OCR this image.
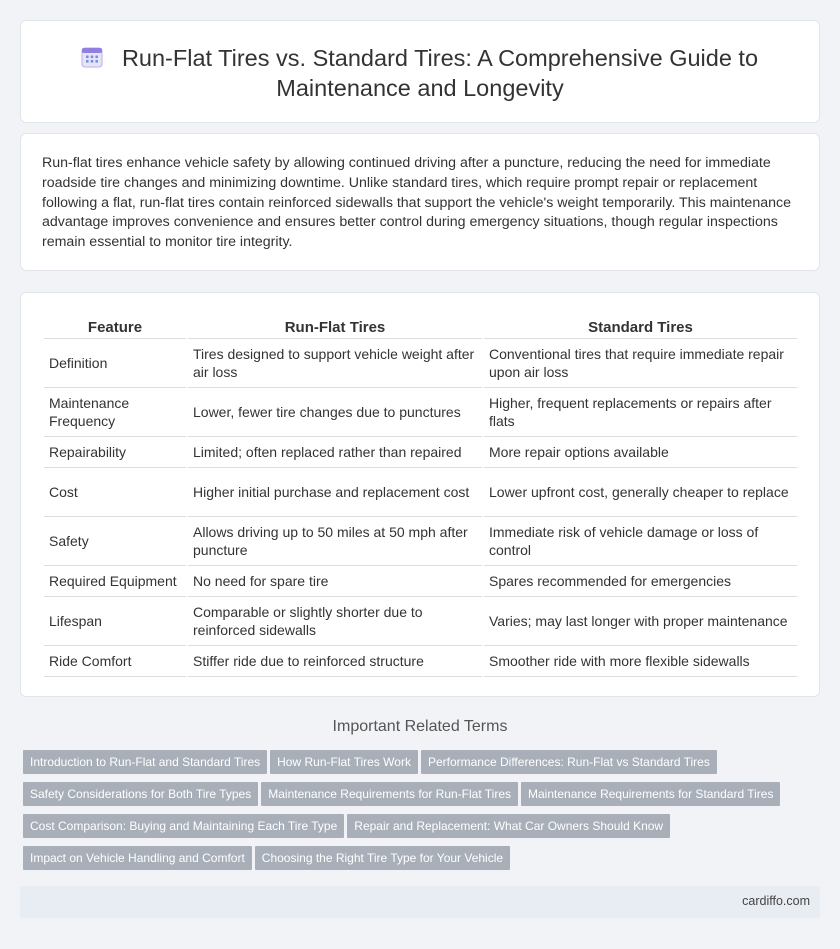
Run-Flat Tires vs. Standard Tires: A Comprehensive Guide to
Maintenance and Longevity

Run-flat tires enhance vehicle safety by allowing continued driving after a puncture, reducing the need for immediate roadside tire changes and minimizing downtime. Unlike standard tires, which require prompt repair or replacement following a flat, run-flat tires contain reinforced sidewalls that support the vehicle's weight temporarily. This maintenance advantage improves convenience and ensures better control during emergency situations, though regular inspections remain essential to monitor tire integrity.

Feature	Run-Flat Tires	Standard Tires
Definition	Tires designed to support vehicle weight after air loss	Conventional tires that require immediate repair upon air loss
Maintenance Frequency	Lower, fewer tire changes due to punctures	Higher, frequent replacements or repairs after flats
Repairability	Limited; often replaced rather than repaired	More repair options available
Cost	Higher initial purchase and replacement cost	Lower upfront cost, generally cheaper to replace
Safety	Allows driving up to 50 miles at 50 mph after puncture	Immediate risk of vehicle damage or loss of control
Required Equipment	No need for spare tire	Spares recommended for emergencies
Lifespan	Comparable or slightly shorter due to reinforced sidewalls	Varies; may last longer with proper maintenance
Ride Comfort	Stiffer ride due to reinforced structure	Smoother ride with more flexible sidewalls
Important Related Terms
Introduction to Run-Flat and Standard Tires How Run-Flat Tires Work Performance Differences: Run-Flat vs Standard Tires
Safety Considerations for Both Tire Types Maintenance Requirements for Run-Flat Tires Maintenance Requirements for Standard Tires
Cost Comparison: Buying and Maintaining Each Tire Type Repair and Replacement: What Car Owners Should Know
Impact on Vehicle Handling and Comfort Choosing the Right Tire Type for Your Vehicle
cardiffo.com
